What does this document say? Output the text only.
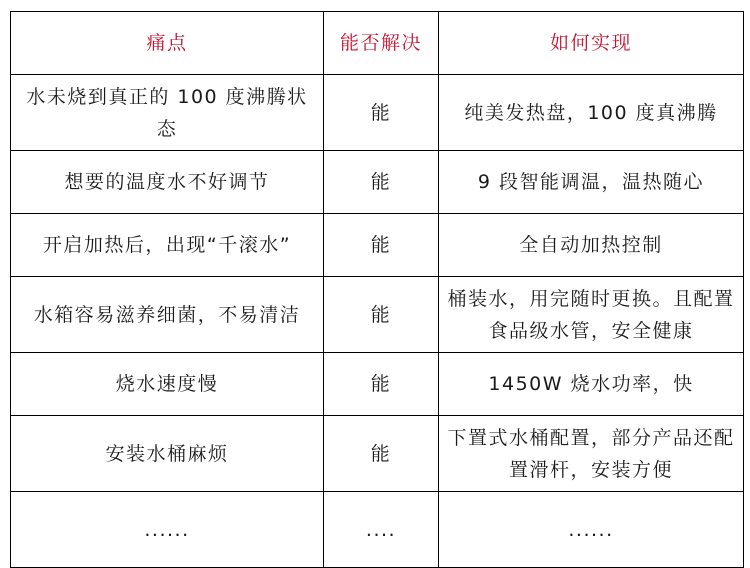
痛点	能否解决	如何实现
水未烧到真正的 100 度沸腾状态	能	纯美发热盘，100 度真沸腾
想要的温度水不好调节	能	9 段智能调温，温热随心
开启加热后，出现“千滚水”	能	全自动加热控制
水箱容易滋养细菌，不易清洁	能	桶装水，用完随时更换。且配置食品级水管，安全健康
烧水速度慢	能	1450W 烧水功率，快
安装水桶麻烦	能	下置式水桶配置，部分产品还配置滑杆，安装方便
......	....	......
